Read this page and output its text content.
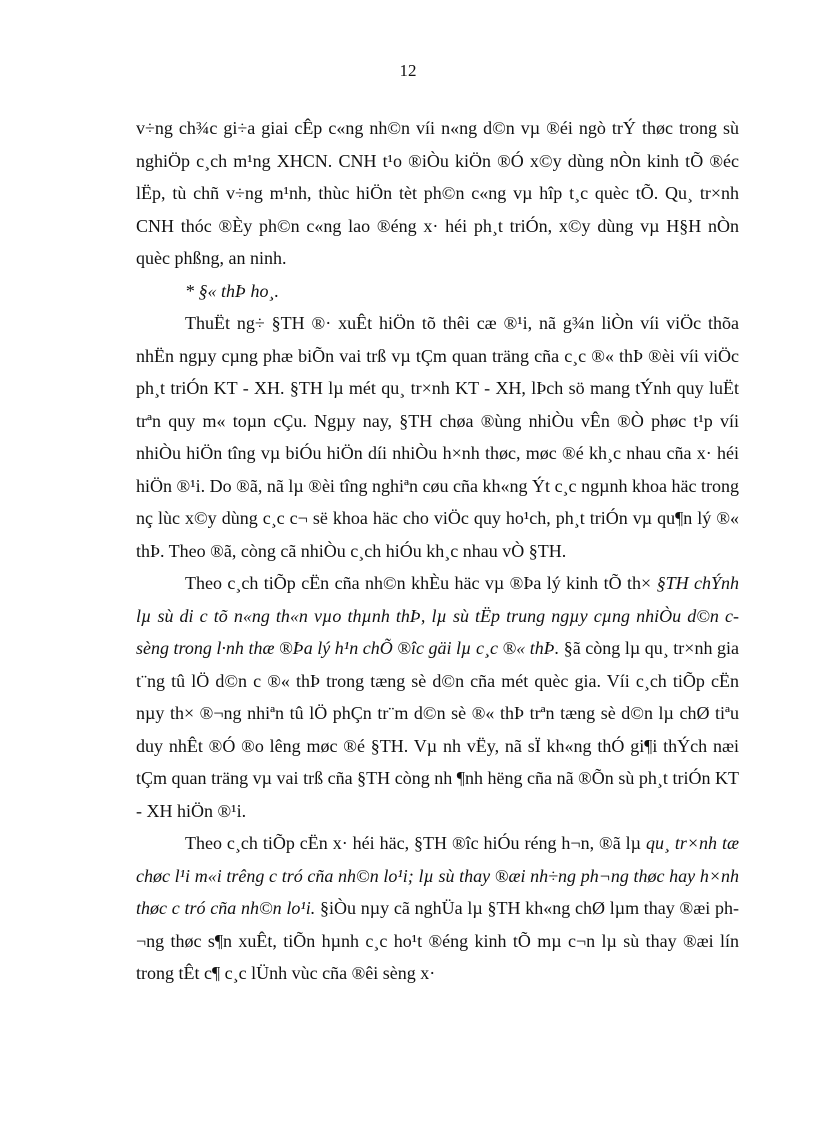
12

v÷ng ch¾c gi÷a giai cÊp c«ng nh©n víi n«ng d©n vµ ®éi ngò trÝ thøc trong sù nghiÖp c¸ch m¹ng XHCN. CNH t¹o ®iÒu kiÖn ®Ó x©y dùng nÒn kinh tÕ ®éc lËp, tù chñ v÷ng m¹nh, thùc hiÖn tèt ph©n c«ng vµ hîp t¸c quèc tÕ. Qu¸ tr×nh CNH thóc ®Èy ph©n c«ng lao ®éng x· héi ph¸t triÓn, x©y dùng vµ H§H nÒn quèc phßng, an ninh.

* §« thÞ ho¸.

ThuËt ng÷ §TH ®· xuÊt hiÖn tõ thêi cæ ®¹i, nã g¾n liÒn víi viÖc thõa nhËn ngµy cµng phæ biÕn vai trß vµ tÇm quan träng cña c¸c ®« thÞ ®èi víi viÖc ph¸t triÓn KT - XH. §TH lµ mét qu¸ tr×nh KT - XH, lÞch sö mang tÝnh quy luËt trªn quy m« toµn cÇu. Ngµy nay, §TH chøa ®ùng nhiÒu vÊn ®Ò phøc t¹p víi nhiÒu hiÖn tîng vµ biÓu hiÖn díi nhiÒu h×nh thøc, møc ®é kh¸c nhau cña x· héi hiÖn ®¹i. Do ®ã, nã lµ ®èi tîng nghiªn cøu cña kh«ng Ýt c¸c ngµnh khoa häc trong nç lùc x©y dùng c¸c c¬ së khoa häc cho viÖc quy ho¹ch, ph¸t triÓn vµ qu¶n lý ®« thÞ. Theo ®ã, còng cã nhiÒu c¸ch hiÓu kh¸c nhau vÒ §TH.

Theo c¸ch tiÕp cËn cña nh©n khÈu häc vµ ®Þa lý kinh tÕ th× §TH chÝnh lµ sù di c tõ n«ng th«n vµo thµnh thÞ, lµ sù tËp trung ngµy cµng nhiÒu d©n c sèng trong l·nh thæ ®Þa lý h¹n chÕ ®îc gäi lµ c¸c ®« thÞ. §ã còng lµ qu¸ tr×nh gia t¨ng tû lÖ d©n c ®« thÞ trong tæng sè d©n cña mét quèc gia. Víi c¸ch tiÕp cËn nµy th× ®¬ng nhiªn tû lÖ phÇn tr¨m d©n sè ®« thÞ trªn tæng sè d©n lµ chØ tiªu duy nhÊt ®Ó ®o lêng møc ®é §TH. Vµ nh vËy, nã sÏ kh«ng thÓ gi¶i thÝch næi tÇm quan träng vµ vai trß cña §TH còng nh ¶nh hëng cña nã ®Õn sù ph¸t triÓn KT - XH hiÖn ®¹i.

Theo c¸ch tiÕp cËn x· héi häc, §TH ®îc hiÓu réng h¬n, ®ã lµ qu¸ tr×nh tæ chøc l¹i m«i trêng c tró cña nh©n lo¹i; lµ sù thay ®æi nh÷ng ph¬ng thøc hay h×nh thøc c tró cña nh©n lo¹i. §iÒu nµy cã nghÜa lµ §TH kh«ng chØ lµm thay ®æi ph¬ng thøc s¶n xuÊt, tiÕn hµnh c¸c ho¹t ®éng kinh tÕ mµ c¬n lµ sù thay ®æi lín trong tÊt c¶ c¸c lÜnh vùc cña ®êi sèng x·
